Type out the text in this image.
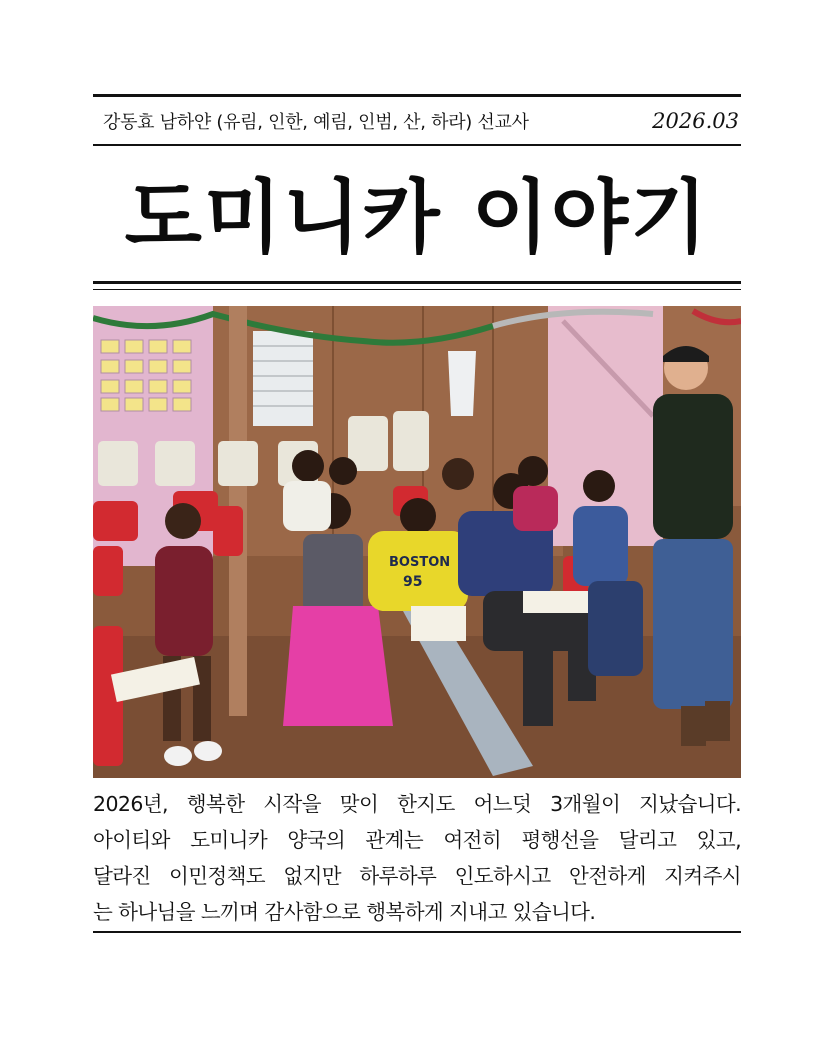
강동효 남하얀 (유림, 인한, 예림, 인범, 산, 하라) 선교사	2026.03
도미니카 이야기
BOSTON
95

2026년, 행복한 시작을 맞이 한지도 어느덧 3개월이 지났습니다.
아이티와 도미니카 양국의 관계는 여전히 평행선을 달리고 있고,
달라진 이민정책도 없지만 하루하루 인도하시고 안전하게 지켜주시
는 하나님을 느끼며 감사함으로 행복하게 지내고 있습니다.
